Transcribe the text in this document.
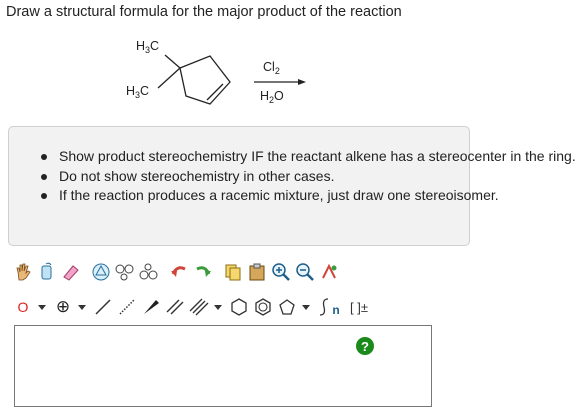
Draw a structural formula for the major product of the reaction
$H_3C$
$H_3C$
$Cl_2$
$H_2O$
Show product stereochemistry IF the reactant alkene has a stereocenter in the ring.
Do not show stereochemistry in other cases.
If the reaction produces a racemic mixture, just draw one stereoisomer.
O ⊕	n [ ]±
?
